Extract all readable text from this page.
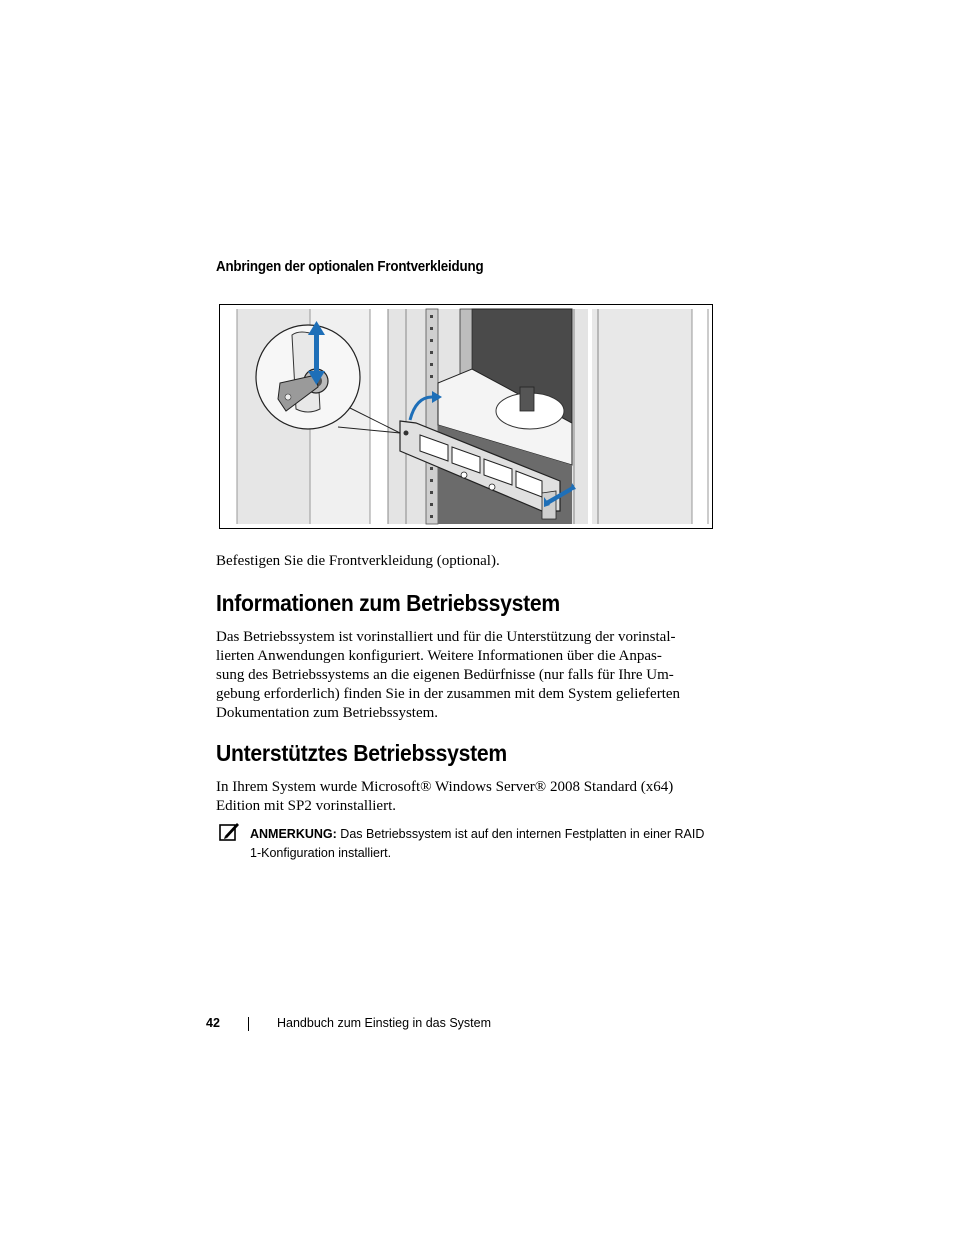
Anbringen der optionalen Frontverkleidung

Befestigen Sie die Frontverkleidung (optional).

Informationen zum Betriebssystem

Das Betriebssystem ist vorinstalliert und für die Unterstützung der vorinstal-
lierten Anwendungen konfiguriert. Weitere Informationen über die Anpas-
sung des Betriebssystems an die eigenen Bedürfnisse (nur falls für Ihre Um-
gebung erforderlich) finden Sie in der zusammen mit dem System gelieferten
Dokumentation zum Betriebssystem.

Unterstütztes Betriebssystem

In Ihrem System wurde Microsoft® Windows Server® 2008 Standard (x64)
Edition mit SP2 vorinstalliert.

ANMERKUNG: Das Betriebssystem ist auf den internen Festplatten in einer RAID
1-Konfiguration installiert.
42	Handbuch zum Einstieg in das System
